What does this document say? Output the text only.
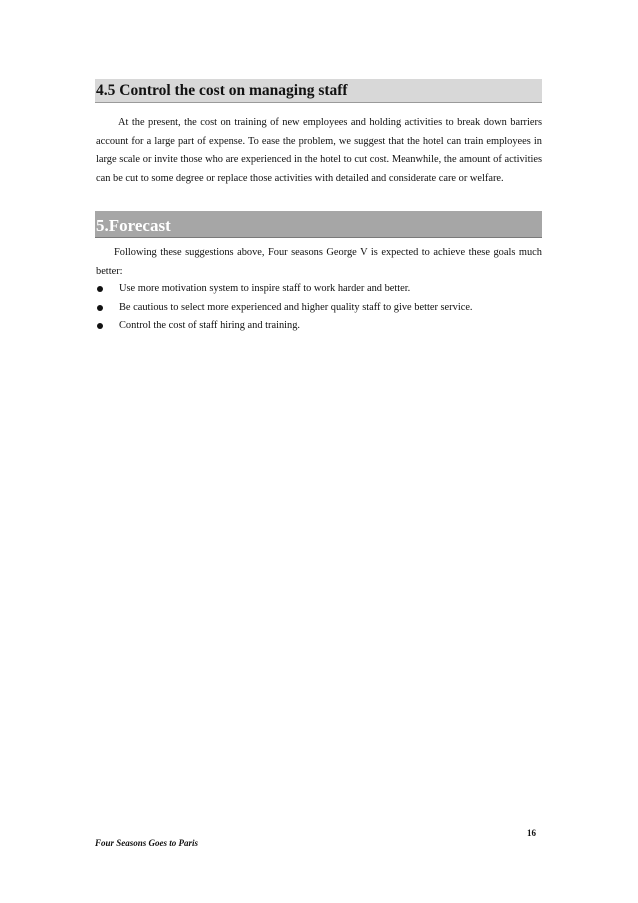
4.5 Control the cost on managing staff

At the present, the cost on training of new employees and holding activities to break down barriers account for a large part of expense. To ease the problem, we suggest that the hotel can train employees in large scale or invite those who are experienced in the hotel to cut cost. Meanwhile, the amount of activities can be cut to some degree or replace those activities with detailed and considerate care or welfare.

5.Forecast

Following these suggestions above, Four seasons George V is expected to achieve these goals much better:

Use more motivation system to inspire staff to work harder and better.
Be cautious to select more experienced and higher quality staff to give better service.
Control the cost of staff hiring and training.
16
Four Seasons Goes to Paris
